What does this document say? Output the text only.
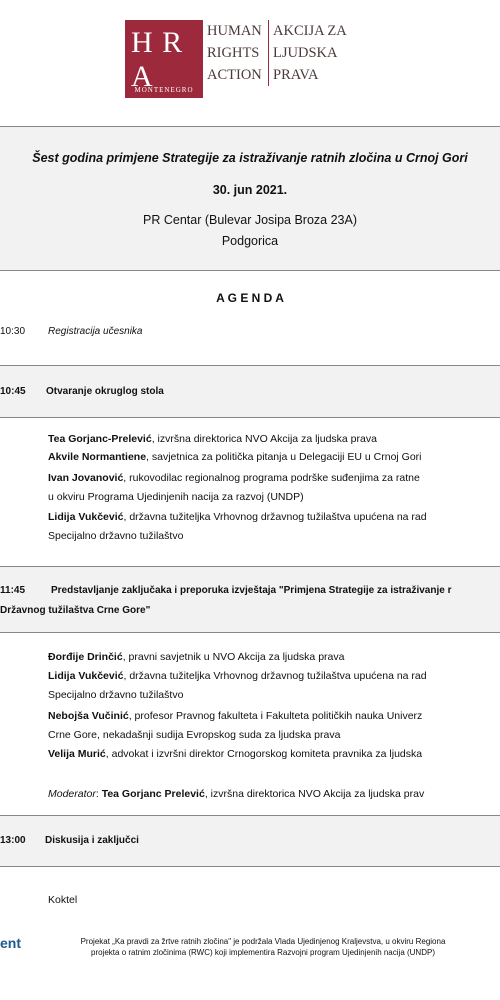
H R A
MONTENEGRO
HUMAN
RIGHTS
ACTION
AKCIJA ZA
LJUDSKA
PRAVA
Šest godina primjene Strategije za istraživanje ratnih zločina u Crnoj Gori
30. jun 2021.
PR Centar (Bulevar Josipa Broza 23A)
Podgorica
A G E N D A
10:30 Registracija učesnika
10:45 Otvaranje okruglog stola
Tea Gorjanc-Prelević, izvršna direktorica NVO Akcija za ljudska prava
Akvile Normantiene, savjetnica za politička pitanja u Delegaciji EU u Crnoj Gori
Ivan Jovanović, rukovodilac regionalnog programa podrške suđenjima za ratne
u okviru Programa Ujedinjenih nacija za razvoj (UNDP)
Lidija Vukčević, državna tužiteljka Vrhovnog državnog tužilaštva upućena na rad
Specijalno državno tužilaštvo
11:45	Predstavljanje zaključaka i preporuka izvještaja "Primjena Strategije za istraživanje r
Državnog tužilaštva Crne Gore"
Đorđije Drinčić, pravni savjetnik u NVO Akcija za ljudska prava
Lidija Vukčević, državna tužiteljka Vrhovnog državnog tužilaštva upućena na rad
Specijalno državno tužilaštvo
Nebojša Vučinić, profesor Pravnog fakulteta i Fakulteta političkih nauka Univerz
Crne Gore, nekadašnji sudija Evropskog suda za ljudska prava
Velija Murić, advokat i izvršni direktor Crnogorskog komiteta pravnika za ljudska
Moderator: Tea Gorjanc Prelević, izvršna direktorica NVO Akcija za ljudska prav
13:00 Diskusija i zaključci
Koktel
ent	Projekat „Ka pravdi za žrtve ratnih zločina" je podržala Vlada Ujedinjenog Kraljevstva, u okviru Regiona
projekta o ratnim zločinima (RWC) koji implementira Razvojni program Ujedinjenih nacija (UNDP)
